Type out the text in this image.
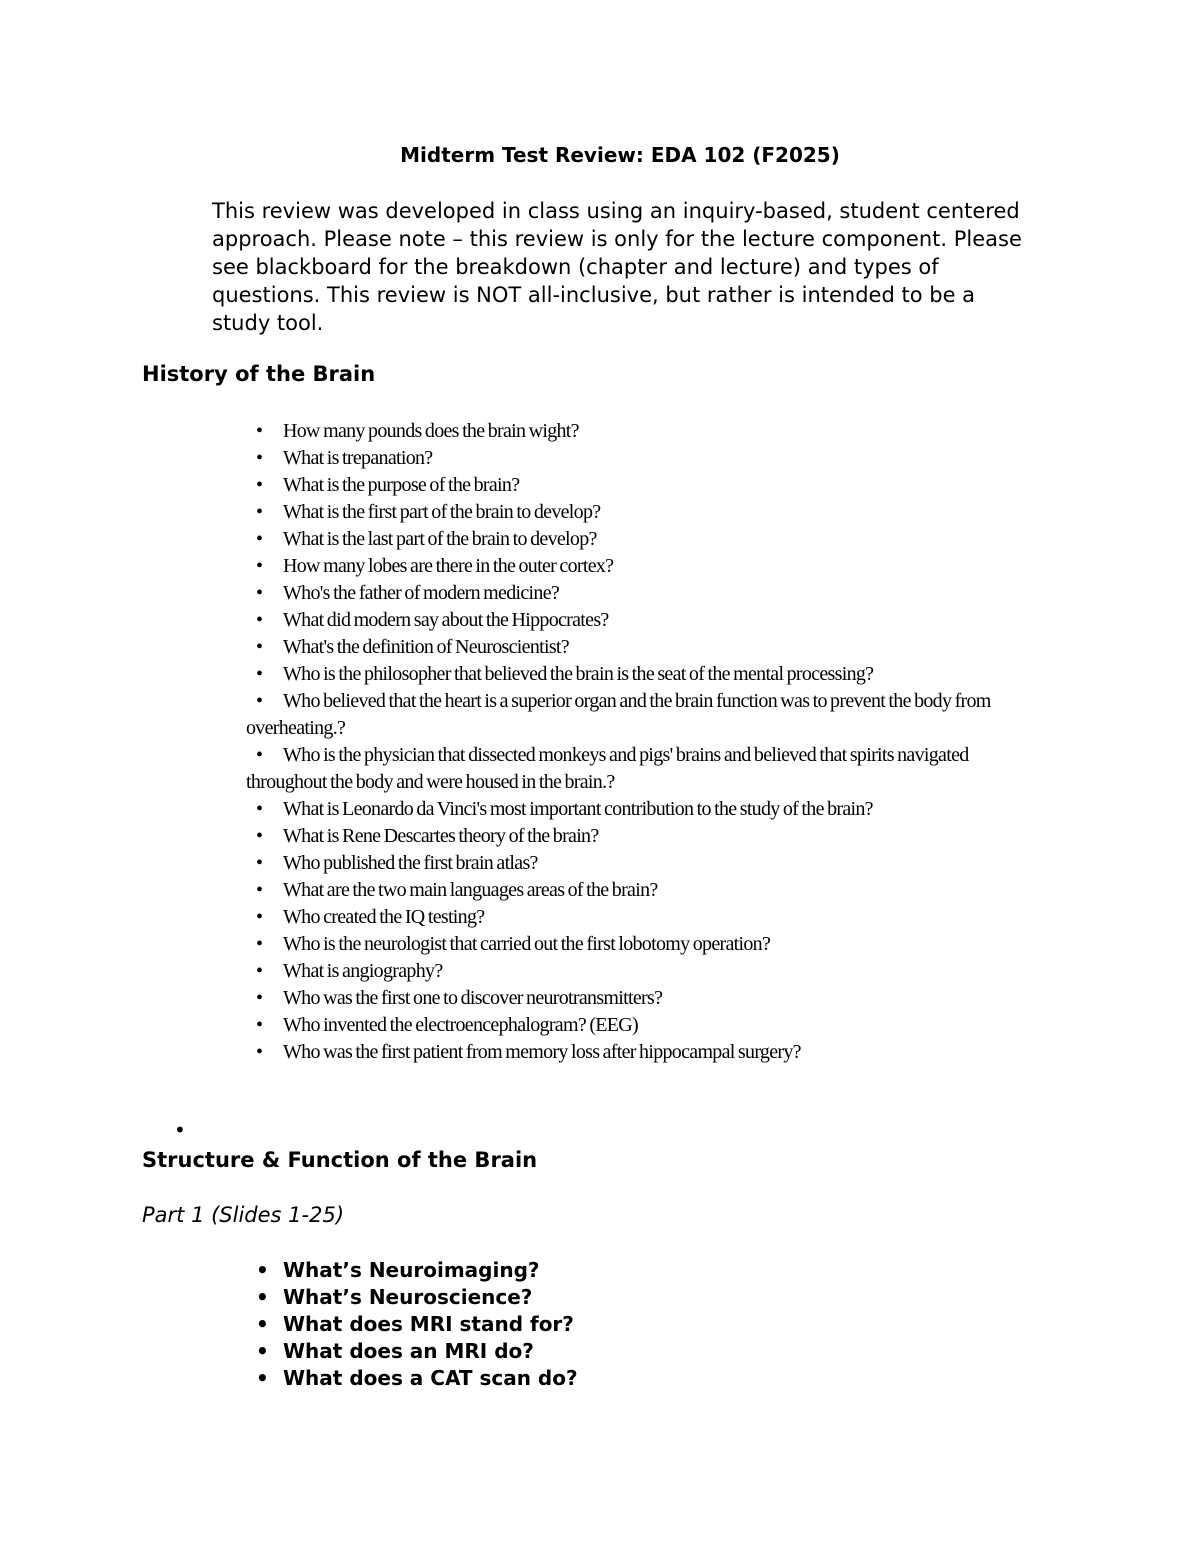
Midterm Test Review: EDA 102 (F2025)
This review was developed in class using an inquiry-based, student centered approach. Please note – this review is only for the lecture component. Please see blackboard for the breakdown (chapter and lecture) and types of questions. This review is NOT all-inclusive, but rather is intended to be a study tool.
History of the Brain
• How many pounds does the brain wight?
• What is trepanation?
• What is the purpose of the brain?
• What is the first part of the brain to develop?
• What is the last part of the brain to develop?
• How many lobes are there in the outer cortex?
• Who's the father of modern medicine?
• What did modern say about the Hippocrates?
• What's the definition of Neuroscientist?
• Who is the philosopher that believed the brain is the seat of the mental processing?
• Who believed that the heart is a superior organ and the brain function was to prevent the body from overheating.?
• Who is the physician that dissected monkeys and pigs' brains and believed that spirits navigated throughout the body and were housed in the brain.?
• What is Leonardo da Vinci's most important contribution to the study of the brain?
• What is Rene Descartes theory of the brain?
• Who published the first brain atlas?
• What are the two main languages areas of the brain?
• Who created the IQ testing?
• Who is the neurologist that carried out the first lobotomy operation?
• What is angiography?
• Who was the first one to discover neurotransmitters?
• Who invented the electroencephalogram? (EEG)
• Who was the first patient from memory loss after hippocampal surgery?
•
Structure & Function of the Brain
Part 1 (Slides 1-25)
• What’s Neuroimaging?
• What’s Neuroscience?
• What does MRI stand for?
• What does an MRI do?
• What does a CAT scan do?
